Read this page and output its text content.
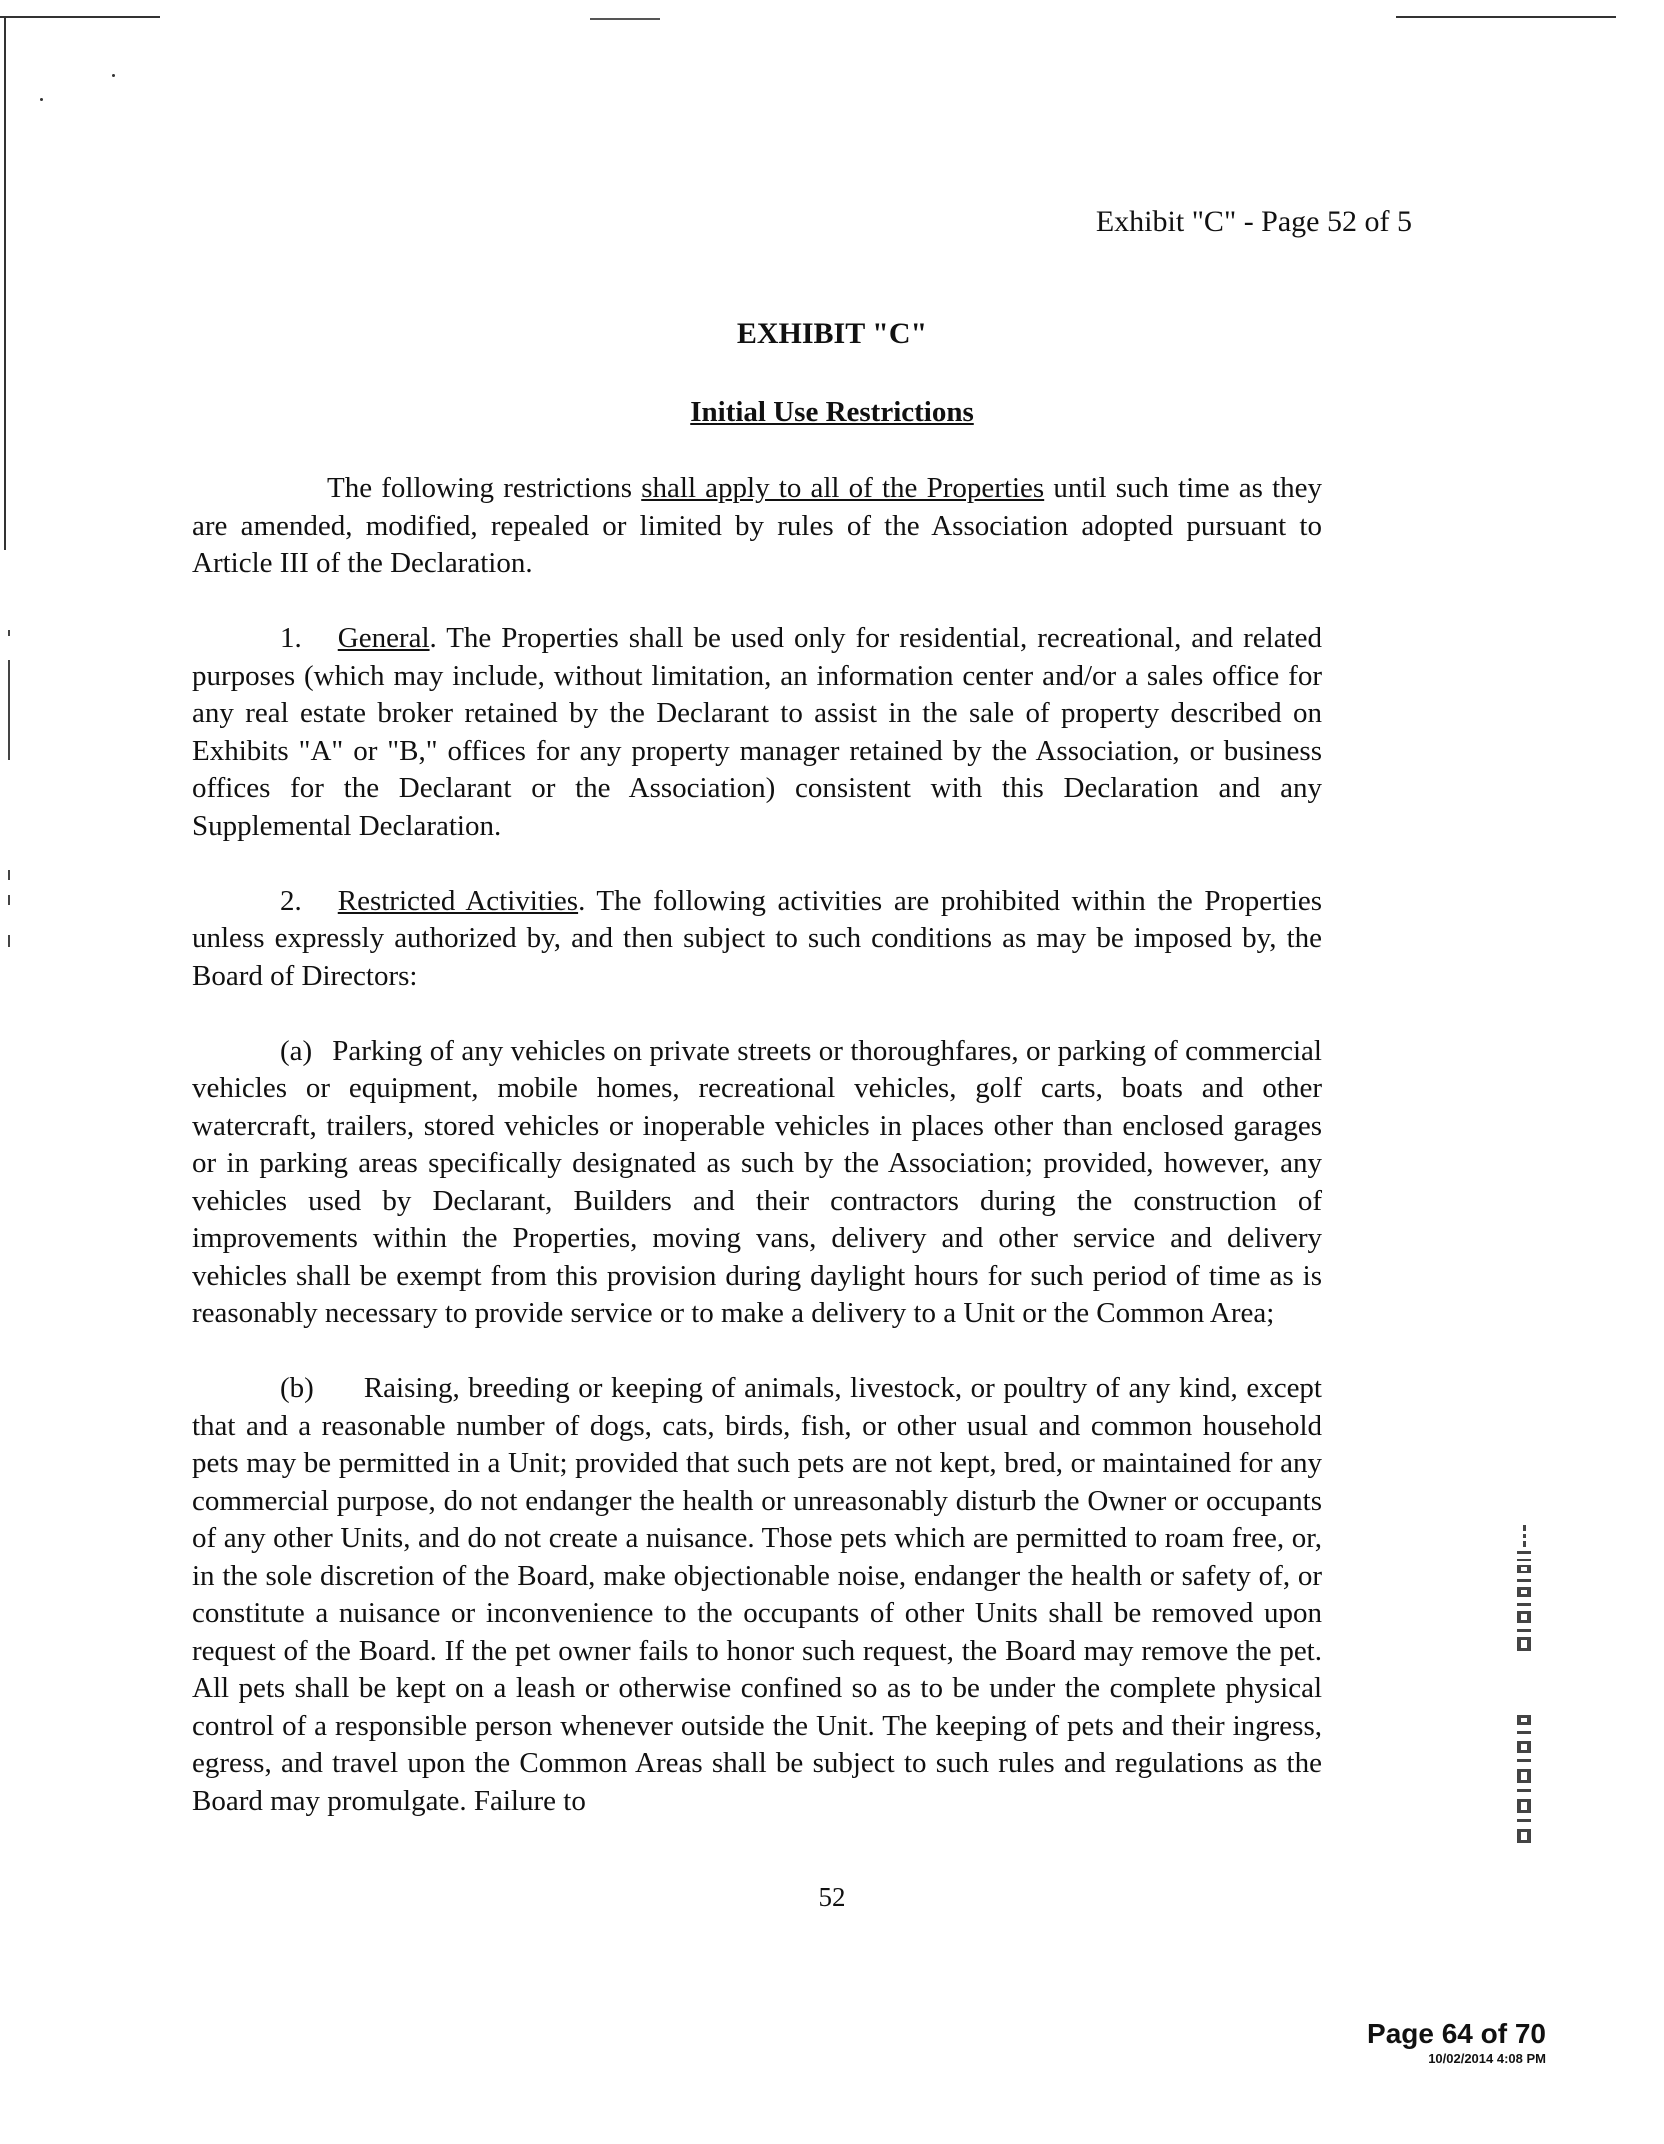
Exhibit "C" - Page 52 of 5
EXHIBIT "C"
Initial Use Restrictions

The following restrictions shall apply to all of the Properties until such time as they are amended, modified, repealed or limited by rules of the Association adopted pursuant to Article III of the Declaration.

1. General. The Properties shall be used only for residential, recreational, and related purposes (which may include, without limitation, an information center and/or a sales office for any real estate broker retained by the Declarant to assist in the sale of property described on Exhibits "A" or "B," offices for any property manager retained by the Association, or business offices for the Declarant or the Association) consistent with this Declaration and any Supplemental Declaration.

2. Restricted Activities. The following activities are prohibited within the Properties unless expressly authorized by, and then subject to such conditions as may be imposed by, the Board of Directors:

(a) Parking of any vehicles on private streets or thoroughfares, or parking of commercial vehicles or equipment, mobile homes, recreational vehicles, golf carts, boats and other watercraft, trailers, stored vehicles or inoperable vehicles in places other than enclosed garages or in parking areas specifically designated as such by the Association; provided, however, any vehicles used by Declarant, Builders and their contractors during the construction of improvements within the Properties, moving vans, delivery and other service and delivery vehicles shall be exempt from this provision during daylight hours for such period of time as is reasonably necessary to provide service or to make a delivery to a Unit or the Common Area;

(b) Raising, breeding or keeping of animals, livestock, or poultry of any kind, except that and a reasonable number of dogs, cats, birds, fish, or other usual and common household pets may be permitted in a Unit; provided that such pets are not kept, bred, or maintained for any commercial purpose, do not endanger the health or unreasonably disturb the Owner or occupants of any other Units, and do not create a nuisance. Those pets which are permitted to roam free, or, in the sole discretion of the Board, make objectionable noise, endanger the health or safety of, or constitute a nuisance or inconvenience to the occupants of other Units shall be removed upon request of the Board. If the pet owner fails to honor such request, the Board may remove the pet. All pets shall be kept on a leash or otherwise confined so as to be under the complete physical control of a responsible person whenever outside the Unit. The keeping of pets and their ingress, egress, and travel upon the Common Areas shall be subject to such rules and regulations as the Board may promulgate. Failure to

52
Page 64 of 70
10/02/2014 4:08 PM
